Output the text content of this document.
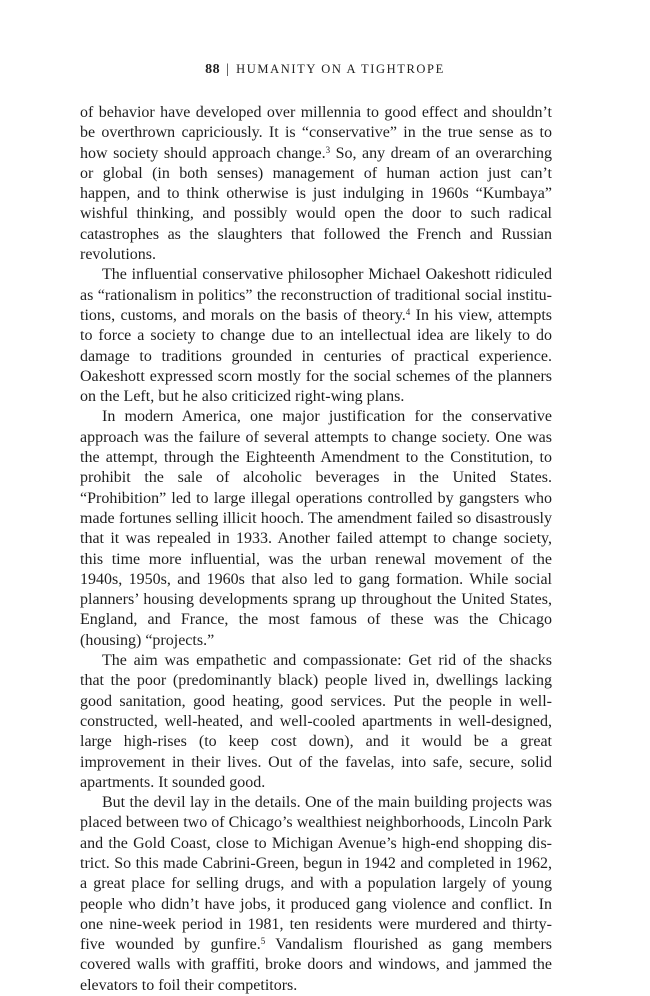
88 | HUMANITY ON A TIGHTROPE

of behavior have developed over millennia to good effect and shouldn’t be overthrown capriciously. It is “conservative” in the true sense as to how society should approach change.$^3$ So, any dream of an overarching or global (in both senses) management of human action just can’t happen, and to think otherwise is just indulging in 1960s “Kumbaya” wishful thinking, and possibly would open the door to such radical catastrophes as the slaughters that followed the French and Russian revolutions.

The influential conservative philosopher Michael Oakeshott ridiculed as “rationalism in politics” the reconstruction of traditional social institutions, customs, and morals on the basis of theory.$^4$ In his view, attempts to force a society to change due to an intellectual idea are likely to do damage to traditions grounded in centuries of practical experience. Oakeshott expressed scorn mostly for the social schemes of the planners on the Left, but he also criticized right-wing plans.

In modern America, one major justification for the conservative approach was the failure of several attempts to change society. One was the attempt, through the Eighteenth Amendment to the Constitution, to prohibit the sale of alcoholic beverages in the United States. “Prohibition” led to large illegal operations controlled by gangsters who made fortunes selling illicit hooch. The amendment failed so disastrously that it was repealed in 1933. Another failed attempt to change society, this time more influential, was the urban renewal movement of the 1940s, 1950s, and 1960s that also led to gang formation. While social planners’ housing developments sprang up throughout the United States, England, and France, the most famous of these was the Chicago (housing) “projects.”

The aim was empathetic and compassionate: Get rid of the shacks that the poor (predominantly black) people lived in, dwellings lacking good sanitation, good heating, good services. Put the people in well-constructed, well-heated, and well-cooled apartments in well-designed, large high-rises (to keep cost down), and it would be a great improvement in their lives. Out of the favelas, into safe, secure, solid apartments. It sounded good.

But the devil lay in the details. One of the main building projects was placed between two of Chicago’s wealthiest neighborhoods, Lincoln Park and the Gold Coast, close to Michigan Avenue’s high-end shopping district. So this made Cabrini-Green, begun in 1942 and completed in 1962, a great place for selling drugs, and with a population largely of young people who didn’t have jobs, it produced gang violence and conflict. In one nine-week period in 1981, ten residents were murdered and thirty-five wounded by gunfire.$^5$ Vandalism flourished as gang members covered walls with graffiti, broke doors and windows, and jammed the elevators to foil their competitors.
